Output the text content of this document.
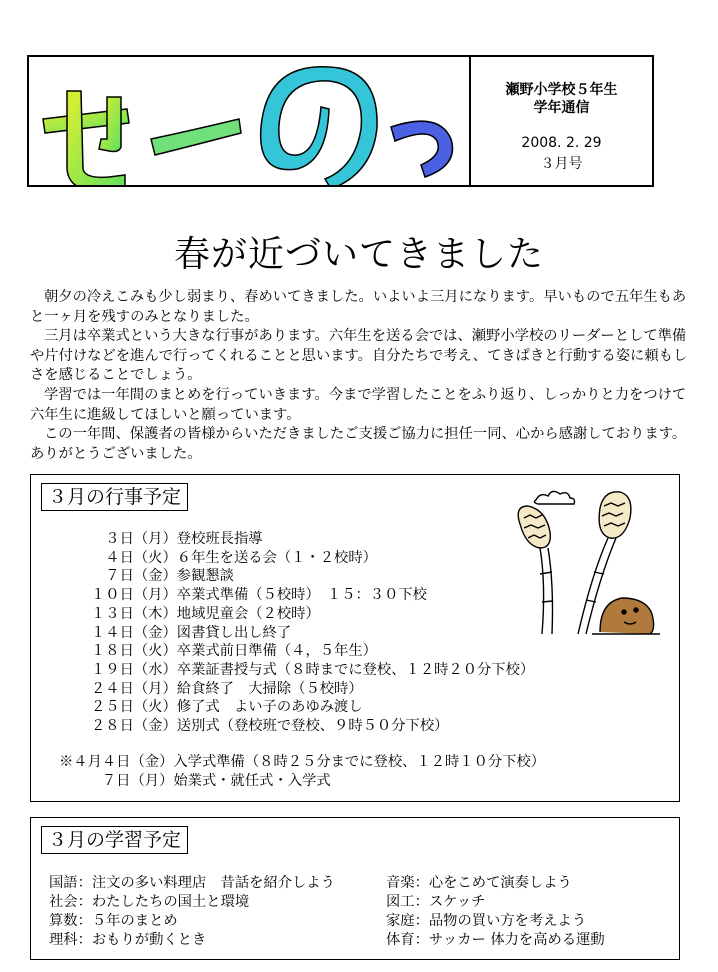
瀬野小学校５年生
学年通信
2008. 2. 29
３月号
春が近づいてきました

朝夕の冷えこみも少し弱まり、春めいてきました。いよいよ三月になります。早いもので五年生もあと一ヶ月を残すのみとなりました。

三月は卒業式という大きな行事があります。六年生を送る会では、瀬野小学校のリーダーとして準備や片付けなどを進んで行ってくれることと思います。自分たちで考え、てきぱきと行動する姿に頼もしさを感じることでしょう。

学習では一年間のまとめを行っていきます。今まで学習したことをふり返り、しっかりと力をつけて六年生に進級してほしいと願っています。

この一年間、保護者の皆様からいただきましたご支援ご協力に担任一同、心から感謝しております。ありがとうございました。

３月の行事予定
　３日（月）登校班長指導
　４日（火）６年生を送る会（１・２校時）
　７日（金）参観懇談
１０日（月）卒業式準備（５校時）　１５：３０下校
１３日（木）地域児童会（２校時）
１４日（金）図書貸し出し終了
１８日（火）卒業式前日準備（４，５年生）
１９日（水）卒業証書授与式（８時までに登校、１２時２０分下校）
２４日（月）給食終了　大掃除（５校時）
２５日（火）修了式　よい子のあゆみ渡し
２８日（金）送別式（登校班で登校、９時５０分下校）
※４月４日（金）入学式準備（８時２５分までに登校、１２時１０分下校）
　　　７日（月）始業式・就任式・入学式
３月の学習予定
国語：注文の多い料理店　昔話を紹介しよう
社会：わたしたちの国土と環境
算数：５年のまとめ
理科：おもりが動くとき
音楽：心をこめて演奏しよう
図工：スケッチ
家庭：品物の買い方を考えよう
体育：サッカー 体力を高める運動
